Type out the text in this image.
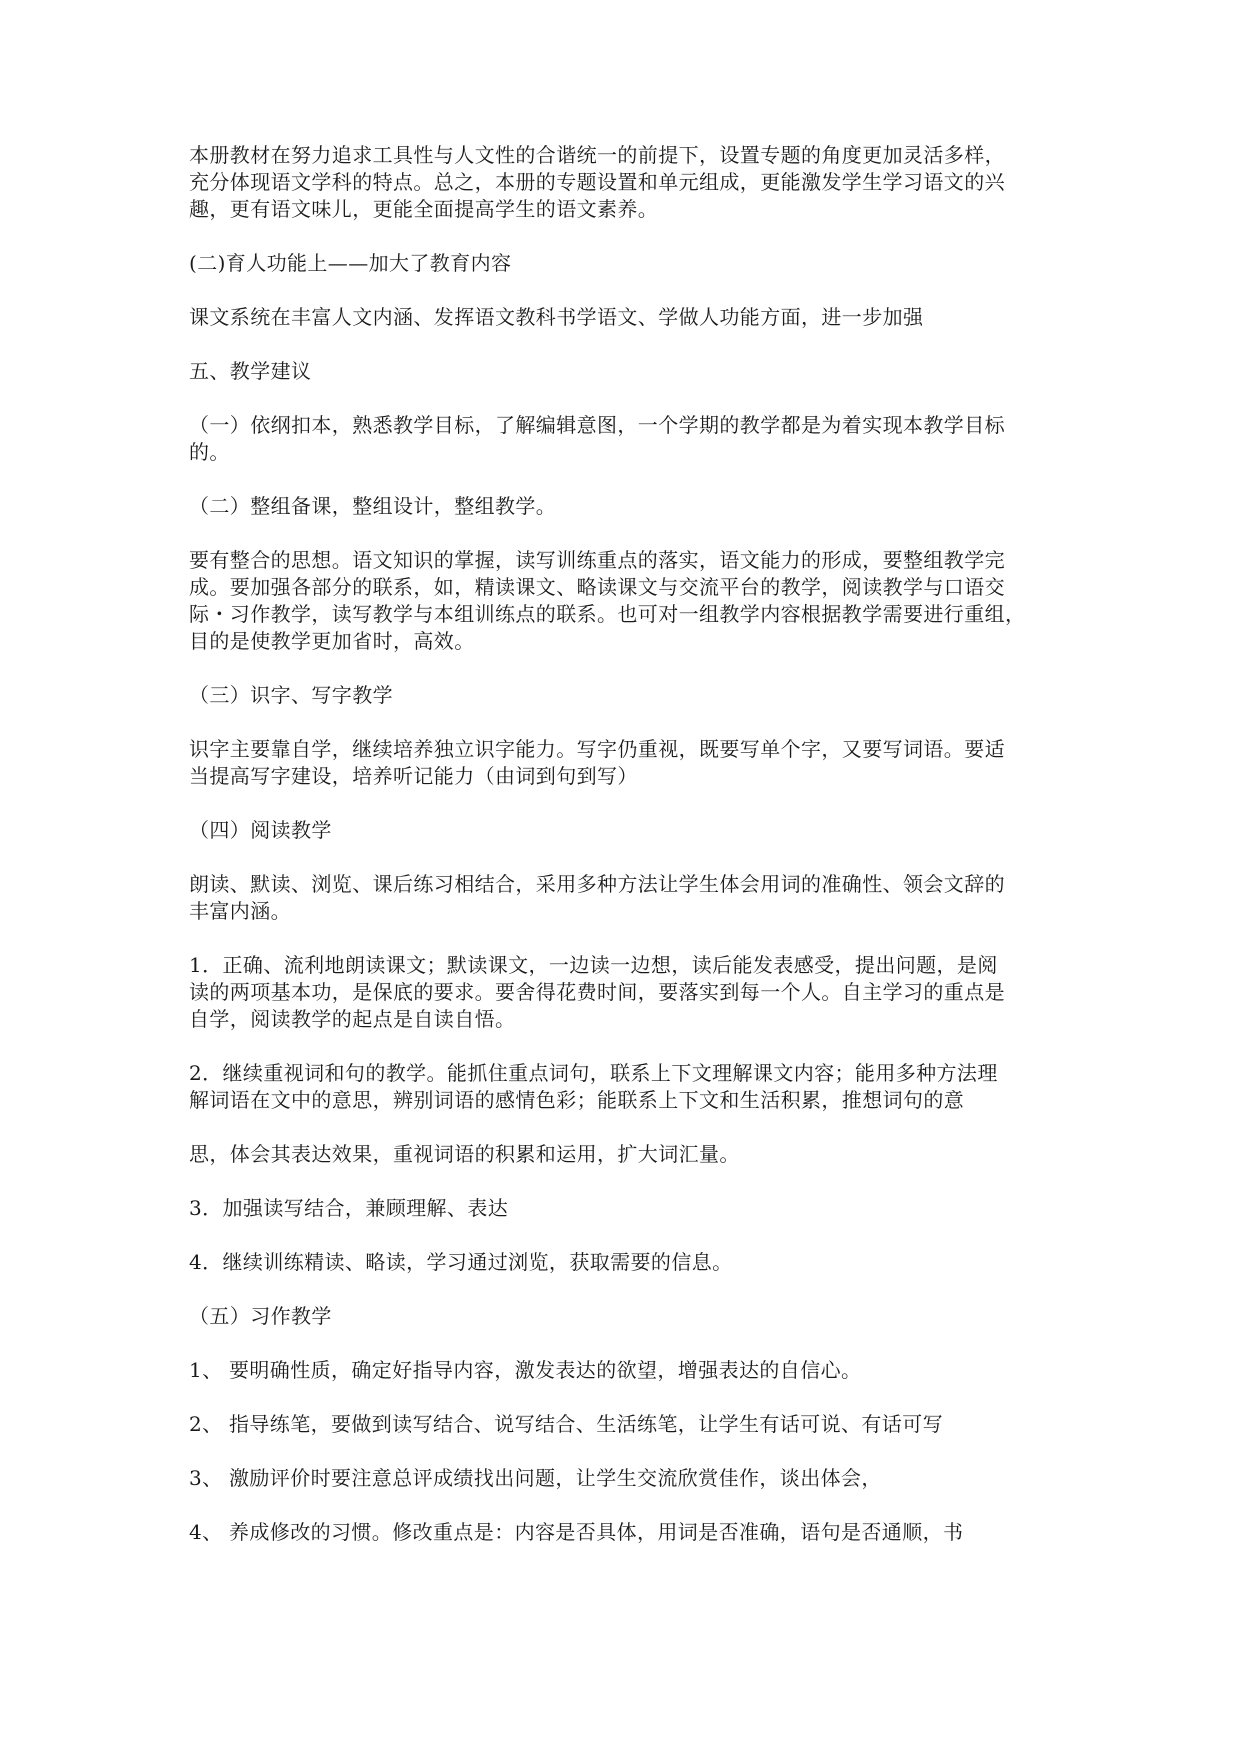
本册教材在努力追求工具性与人文性的合谐统一的前提下，设置专题的角度更加灵活多样，
充分体现语文学科的特点。总之，本册的专题设置和单元组成，更能激发学生学习语文的兴
趣，更有语文味儿，更能全面提高学生的语文素养。
(二)育人功能上——加大了教育内容
课文系统在丰富人文内涵、发挥语文教科书学语文、学做人功能方面，进一步加强
五、教学建议
（一）依纲扣本，熟悉教学目标，了解编辑意图，一个学期的教学都是为着实现本教学目标
的。
（二）整组备课，整组设计，整组教学。
要有整合的思想。语文知识的掌握，读写训练重点的落实，语文能力的形成，要整组教学完
成。要加强各部分的联系，如，精读课文、略读课文与交流平台的教学，阅读教学与口语交
际・习作教学，读写教学与本组训练点的联系。也可对一组教学内容根据教学需要进行重组，
目的是使教学更加省时，高效。
（三）识字、写字教学
识字主要靠自学，继续培养独立识字能力。写字仍重视，既要写单个字，又要写词语。要适
当提高写字建设，培养听记能力（由词到句到写）
（四）阅读教学
朗读、默读、浏览、课后练习相结合，采用多种方法让学生体会用词的准确性、领会文辞的
丰富内涵。
1．正确、流利地朗读课文；默读课文，一边读一边想，读后能发表感受，提出问题，是阅
读的两项基本功，是保底的要求。要舍得花费时间，要落实到每一个人。自主学习的重点是
自学，阅读教学的起点是自读自悟。
2．继续重视词和句的教学。能抓住重点词句，联系上下文理解课文内容；能用多种方法理
解词语在文中的意思，辨别词语的感情色彩；能联系上下文和生活积累，推想词句的意
思，体会其表达效果，重视词语的积累和运用，扩大词汇量。
3．加强读写结合，兼顾理解、表达
4．继续训练精读、略读，学习通过浏览，获取需要的信息。
（五）习作教学
1、 要明确性质，确定好指导内容，激发表达的欲望，增强表达的自信心。
2、 指导练笔，要做到读写结合、说写结合、生活练笔，让学生有话可说、有话可写
3、 激励评价时要注意总评成绩找出问题，让学生交流欣赏佳作，谈出体会，
4、 养成修改的习惯。修改重点是：内容是否具体，用词是否准确，语句是否通顺，书
